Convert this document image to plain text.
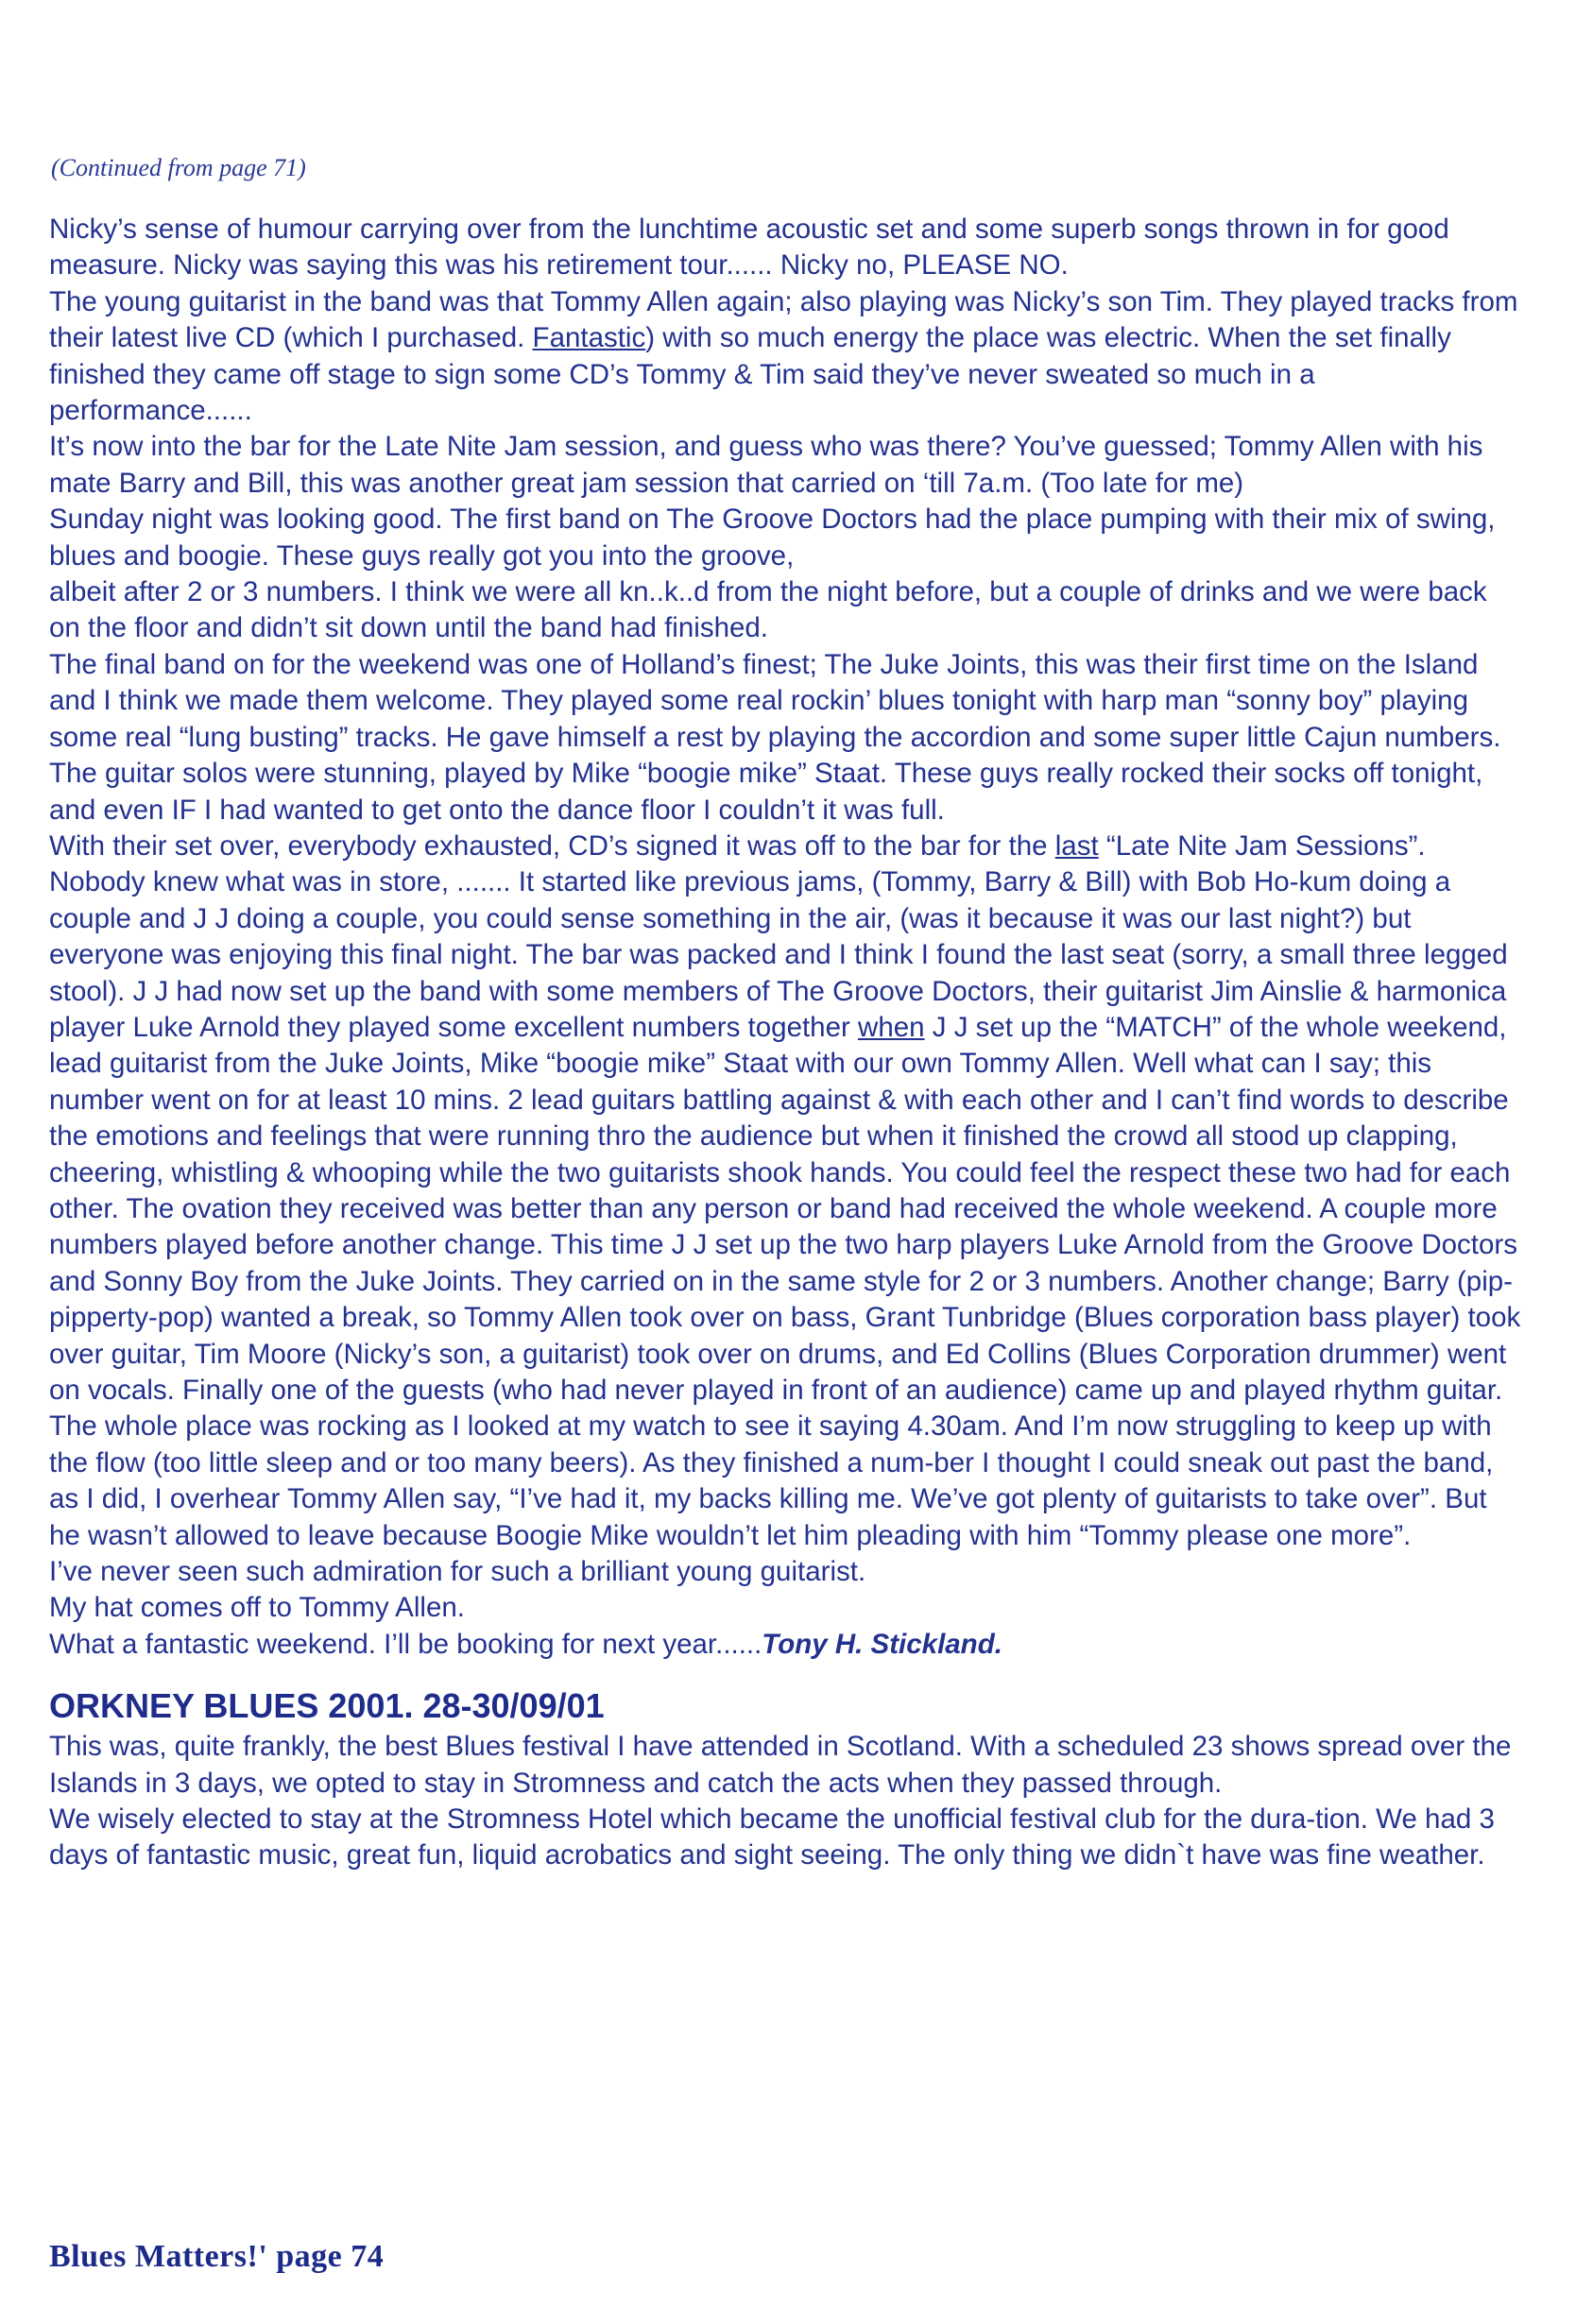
(Continued from page 71)

Nicky’s sense of humour carrying over from the lunchtime acoustic set and some superb songs thrown in for good measure. Nicky was saying this was his retirement tour...... Nicky no, PLEASE NO.

The young guitarist in the band was that Tommy Allen again; also playing was Nicky’s son Tim. They played tracks from their latest live CD (which I purchased. Fantastic) with so much energy the place was electric. When the set finally finished they came off stage to sign some CD’s Tommy & Tim said they’ve never sweated so much in a performance......

It’s now into the bar for the Late Nite Jam session, and guess who was there? You’ve guessed; Tommy Allen with his mate Barry and Bill, this was another great jam session that carried on ‘till 7a.m. (Too late for me)

Sunday night was looking good. The first band on The Groove Doctors had the place pumping with their mix of swing, blues and boogie. These guys really got you into the groove,

albeit after 2 or 3 numbers. I think we were all kn..k..d from the night before, but a couple of drinks and we were back on the floor and didn’t sit down until the band had finished.

The final band on for the weekend was one of Holland’s finest; The Juke Joints, this was their first time on the Island and I think we made them welcome. They played some real rockin’ blues tonight with harp man “sonny boy” playing some real “lung busting” tracks. He gave himself a rest by playing the accordion and some super little Cajun numbers. The guitar solos were stunning, played by Mike “boogie mike” Staat. These guys really rocked their socks off tonight, and even IF I had wanted to get onto the dance floor I couldn’t it was full.

With their set over, everybody exhausted, CD’s signed it was off to the bar for the last “Late Nite Jam Sessions”.

Nobody knew what was in store, ....... It started like previous jams, (Tommy, Barry & Bill) with Bob Ho-kum doing a couple and J J doing a couple, you could sense something in the air, (was it because it was our last night?) but everyone was enjoying this final night. The bar was packed and I think I found the last seat (sorry, a small three legged stool). J J had now set up the band with some members of The Groove Doctors, their guitarist Jim Ainslie & harmonica player Luke Arnold they played some excellent numbers together when J J set up the “MATCH” of the whole weekend, lead guitarist from the Juke Joints, Mike “boogie mike” Staat with our own Tommy Allen. Well what can I say; this number went on for at least 10 mins. 2 lead guitars battling against & with each other and I can’t find words to describe the emotions and feelings that were running thro the audience but when it finished the crowd all stood up clapping, cheering, whistling & whooping while the two guitarists shook hands. You could feel the respect these two had for each other. The ovation they received was better than any person or band had received the whole weekend. A couple more numbers played before another change. This time J J set up the two harp players Luke Arnold from the Groove Doctors and Sonny Boy from the Juke Joints. They carried on in the same style for 2 or 3 numbers. Another change; Barry (pip-pipperty-pop) wanted a break, so Tommy Allen took over on bass, Grant Tunbridge (Blues corporation bass player) took over guitar, Tim Moore (Nicky’s son, a guitarist) took over on drums, and Ed Collins (Blues Corporation drummer) went on vocals. Finally one of the guests (who had never played in front of an audience) came up and played rhythm guitar. The whole place was rocking as I looked at my watch to see it saying 4.30am. And I’m now struggling to keep up with the flow (too little sleep and or too many beers). As they finished a num-ber I thought I could sneak out past the band, as I did, I overhear Tommy Allen say, “I’ve had it, my backs killing me. We’ve got plenty of guitarists to take over”. But he wasn’t allowed to leave because Boogie Mike wouldn’t let him pleading with him “Tommy please one more”.

I’ve never seen such admiration for such a brilliant young guitarist.

My hat comes off to Tommy Allen.

What a fantastic weekend. I’ll be booking for next year......Tony H. Stickland.

ORKNEY BLUES 2001. 28-30/09/01

This was, quite frankly, the best Blues festival I have attended in Scotland. With a scheduled 23 shows spread over the Islands in 3 days, we opted to stay in Stromness and catch the acts when they passed through.

We wisely elected to stay at the Stromness Hotel which became the unofficial festival club for the dura-tion. We had 3 days of fantastic music, great fun, liquid acrobatics and sight seeing. The only thing we didn`t have was fine weather.

Blues Matters!' page 74
